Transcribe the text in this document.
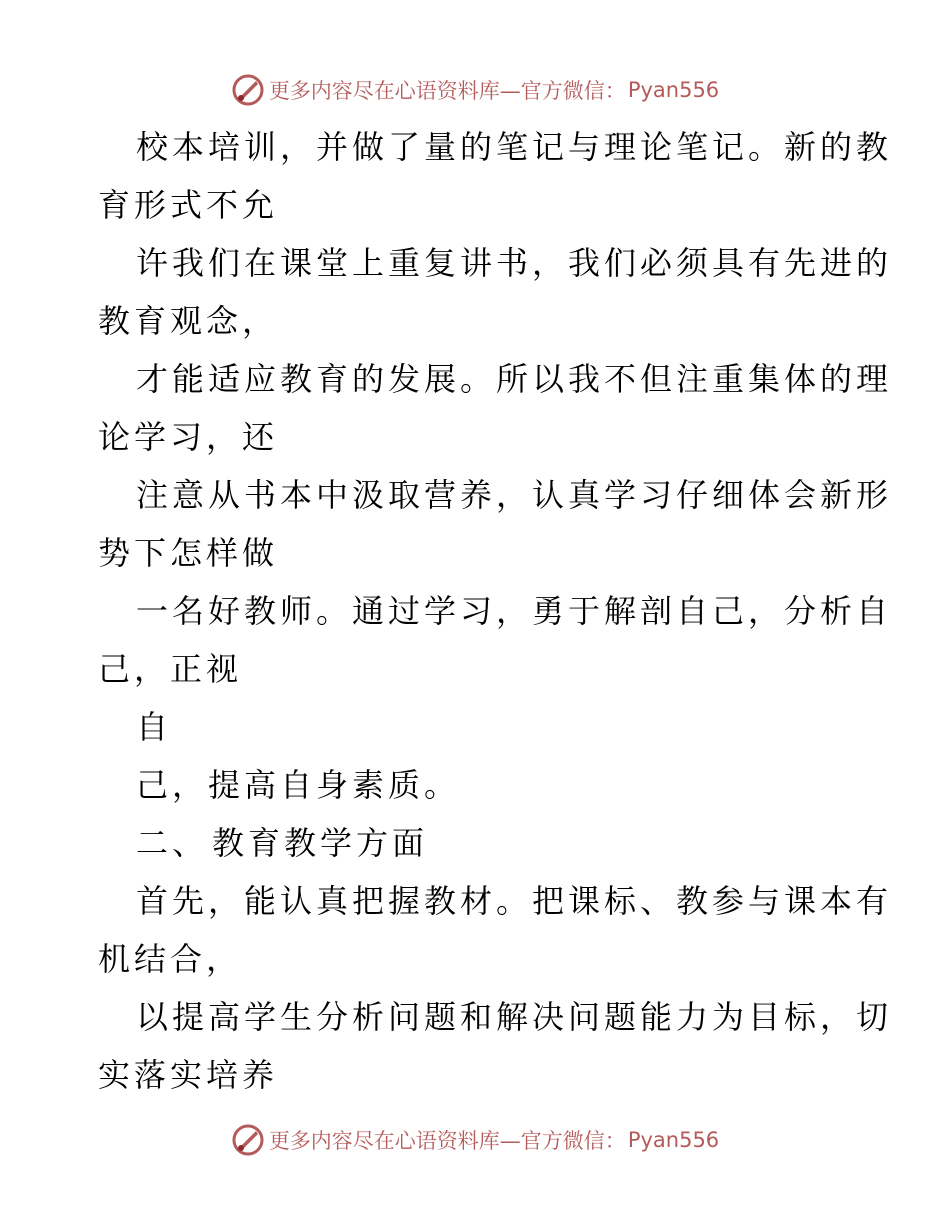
更多内容尽在心语资料库—官方微信： Pyan556
校本培训，并做了量的笔记与理论笔记。新的教
育形式不允
许我们在课堂上重复讲书，我们必须具有先进的
教育观念，
才能适应教育的发展。所以我不但注重集体的理
论学习，还
注意从书本中汲取营养，认真学习仔细体会新形
势下怎样做
一名好教师。通过学习，勇于解剖自己，分析自
己，正视
自
己，提高自身素质。
二、 教育教学方面
首先，能认真把握教材。把课标、教参与课本有
机结合，
以提高学生分析问题和解决问题能力为目标，切
实落实培养
更多内容尽在心语资料库—官方微信： Pyan556
